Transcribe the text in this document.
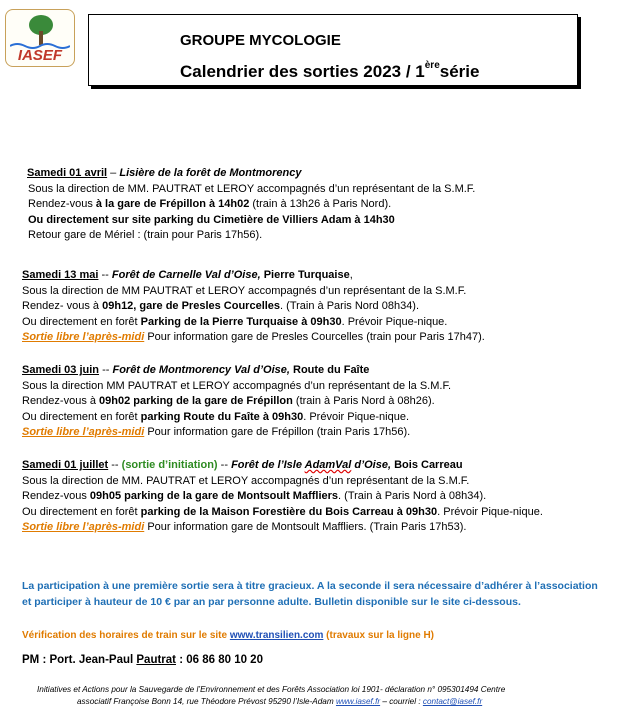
IASEF
GROUPE MYCOLOGIE
Calendrier des sorties 2023 / 1èresérie

Samedi 01 avril – Lisière de la forêt de Montmorency

Sous la direction de MM. PAUTRAT et LEROY accompagnés d’un représentant de la S.M.F.

Rendez-vous à la gare de Frépillon à 14h02 (train à 13h26 à Paris Nord).

Ou directement sur site parking du Cimetière de Villiers Adam à 14h30

Retour gare de Mériel : (train pour Paris 17h56).

Samedi 13 mai -- Forêt de Carnelle Val d’Oise, Pierre Turquaise,

Sous la direction de MM PAUTRAT et LEROY accompagnés d’un représentant de la S.M.F.

Rendez- vous à 09h12, gare de Presles Courcelles. (Train à Paris Nord 08h34).

Ou directement en forêt Parking de la Pierre Turquaise à 09h30. Prévoir Pique-nique.

Sortie libre l’après-midi Pour information gare de Presles Courcelles (train pour Paris 17h47).

Samedi 03 juin -- Forêt de Montmorency Val d’Oise, Route du Faîte

Sous la direction MM PAUTRAT et LEROY accompagnés d’un représentant de la S.M.F.

Rendez-vous à 09h02 parking de la gare de Frépillon (train à Paris Nord à 08h26).

Ou directement en forêt parking Route du Faîte à 09h30. Prévoir Pique-nique.

Sortie libre l’après-midi Pour information gare de Frépillon (train Paris 17h56).

Samedi 01 juillet -- (sortie d’initiation) -- Forêt de l’Isle AdamVal d’Oise, Bois Carreau

Sous la direction de MM. PAUTRAT et LEROY accompagnés d’un représentant de la S.M.F.

Rendez-vous 09h05 parking de la gare de Montsoult Maffliers. (Train à Paris Nord à 08h34).

Ou directement en forêt parking de la Maison Forestière du Bois Carreau à 09h30. Prévoir Pique-nique.

Sortie libre l’après-midi Pour information gare de Montsoult Maffliers. (Train Paris 17h53).

La participation à une première sortie sera à titre gracieux. A la seconde il sera nécessaire d’adhérer à l’association
et participer à hauteur de 10 € par an par personne adulte. Bulletin disponible sur le site ci-dessous.
Vérification des horaires de train sur le site www.transilien.com (travaux sur la ligne H)
PM : Port. Jean-Paul Pautrat : 06 86 80 10 20
Initiatives et Actions pour la Sauvegarde de l’Environnement et des Forêts Association loi 1901- déclaration n° 095301494 Centre
associatif Françoise Bonn 14, rue Théodore Prévost 95290 l’Isle-Adam www.iasef.fr – courriel : contact@iasef.fr
